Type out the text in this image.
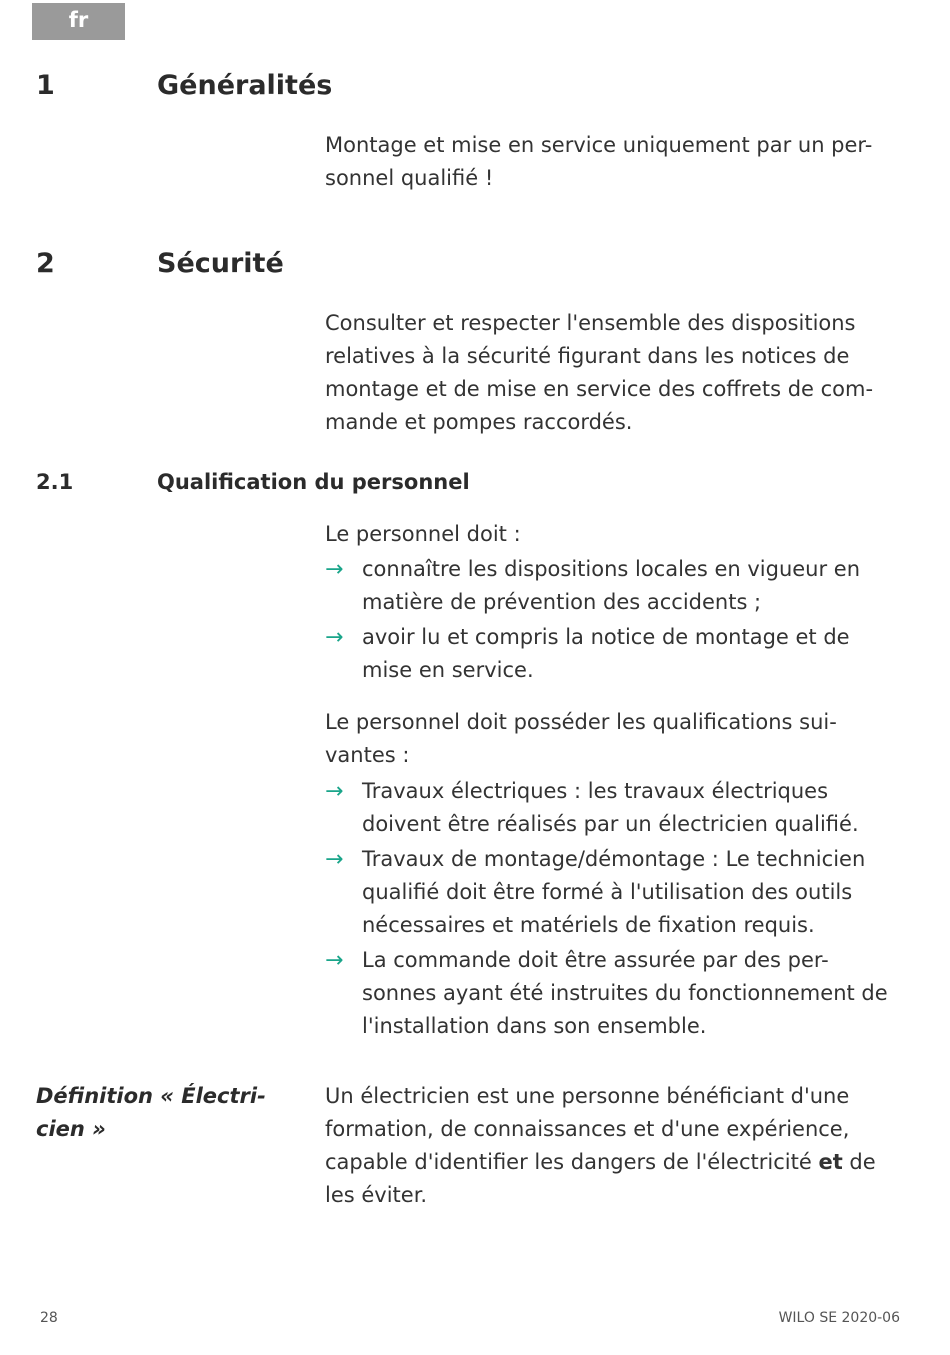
fr
1	Généralités

Montage et mise en service uniquement par un per-sonnel qualifié !

2	Sécurité

Consulter et respecter l'ensemble des dispositions relatives à la sécurité figurant dans les notices de montage et de mise en service des coffrets de com-mande et pompes raccordés.

2.1	Qualification du personnel

Le personnel doit :

→ connaître les dispositions locales en vigueur en matière de prévention des accidents ;
→ avoir lu et compris la notice de montage et de mise en service.

Le personnel doit posséder les qualifications sui-vantes :

→ Travaux électriques : les travaux électriques doivent être réalisés par un électricien qualifié.
→ Travaux de montage/démontage : Le technicien qualifié doit être formé à l'utilisation des outils nécessaires et matériels de fixation requis.
→ La commande doit être assurée par des per-sonnes ayant été instruites du fonctionnement de l'installation dans son ensemble.
Définition « Électri-cien »

Un électricien est une personne bénéficiant d'une formation, de connaissances et d'une expérience, capable d'identifier les dangers de l'électricité et de les éviter.

28	WILO SE 2020-06
